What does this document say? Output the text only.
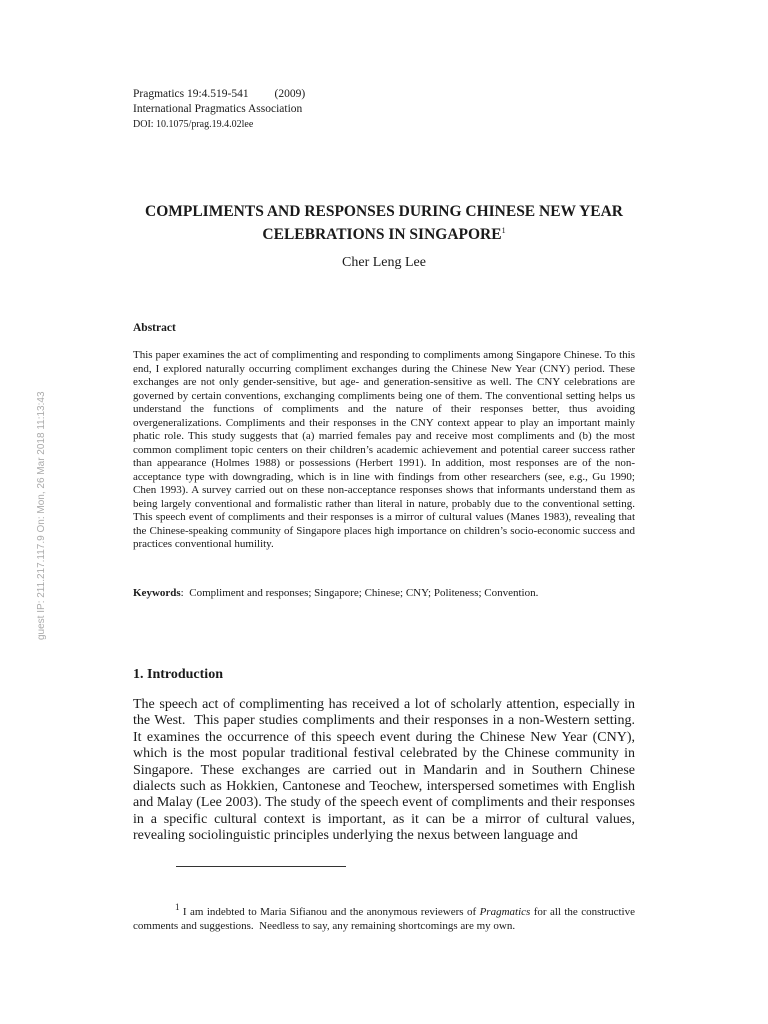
Pragmatics 19:4.519-541         (2009)
International Pragmatics Association
DOI: 10.1075/prag.19.4.02lee
COMPLIMENTS AND RESPONSES DURING CHINESE NEW YEAR CELEBRATIONS IN SINGAPORE$^1$
Cher Leng Lee
Abstract
This paper examines the act of complimenting and responding to compliments among Singapore Chinese. To this end, I explored naturally occurring compliment exchanges during the Chinese New Year (CNY) period. These exchanges are not only gender-sensitive, but age- and generation-sensitive as well. The CNY celebrations are governed by certain conventions, exchanging compliments being one of them. The conventional setting helps us understand the functions of compliments and the nature of their responses better, thus avoiding overgeneralizations. Compliments and their responses in the CNY context appear to play an important mainly phatic role. This study suggests that (a) married females pay and receive most compliments and (b) the most common compliment topic centers on their children’s academic achievement and potential career success rather than appearance (Holmes 1988) or possessions (Herbert 1991). In addition, most responses are of the non-acceptance type with downgrading, which is in line with findings from other researchers (see, e.g., Gu 1990; Chen 1993). A survey carried out on these non-acceptance responses shows that informants understand them as being largely conventional and formalistic rather than literal in nature, probably due to the conventional setting. This speech event of compliments and their responses is a mirror of cultural values (Manes 1983), revealing that the Chinese-speaking community of Singapore places high importance on children’s socio-economic success and practices conventional humility.
Keywords:  Compliment and responses; Singapore; Chinese; CNY; Politeness; Convention.
guest IP: 211.217.117.9 On: Mon, 26 Mar 2018 11:13:43
1. Introduction
The speech act of complimenting has received a lot of scholarly attention, especially in the West.  This paper studies compliments and their responses in a non-Western setting. It examines the occurrence of this speech event during the Chinese New Year (CNY), which is the most popular traditional festival celebrated by the Chinese community in Singapore. These exchanges are carried out in Mandarin and in Southern Chinese dialects such as Hokkien, Cantonese and Teochew, interspersed sometimes with English and Malay (Lee 2003). The study of the speech event of compliments and their responses in a specific cultural context is important, as it can be a mirror of cultural values, revealing sociolinguistic principles underlying the nexus between language and
$^1$ I am indebted to Maria Sifianou and the anonymous reviewers of Pragmatics for all the constructive comments and suggestions.  Needless to say, any remaining shortcomings are my own.
